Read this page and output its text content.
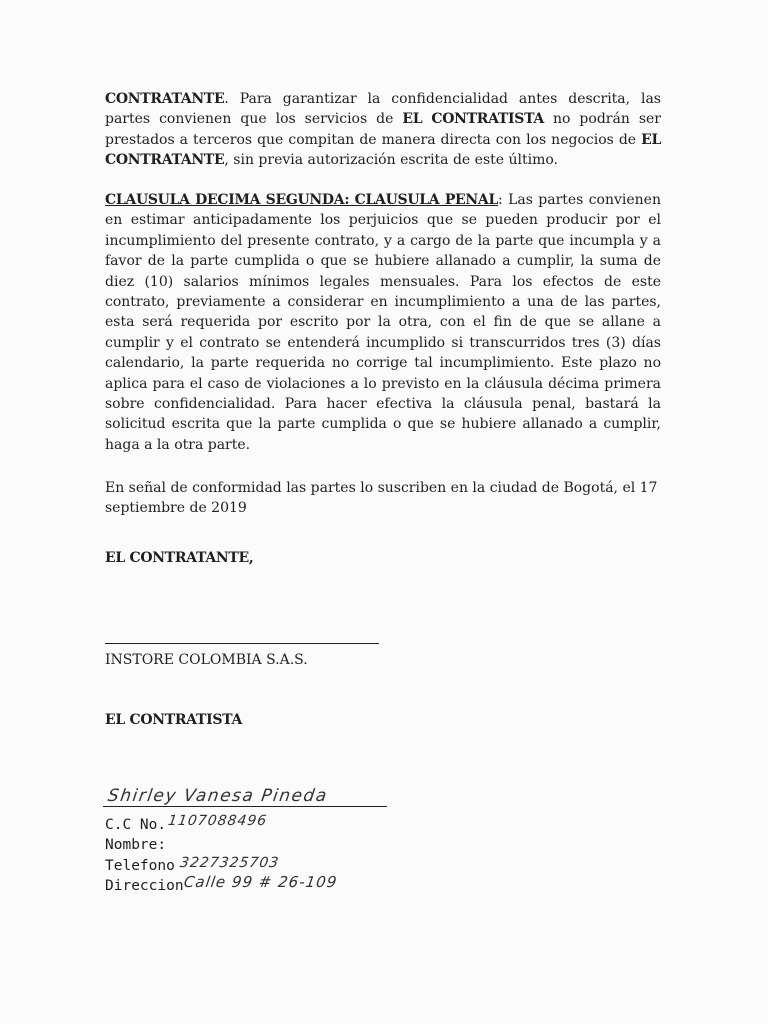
CONTRATANTE. Para garantizar la confidencialidad antes descrita, las partes convienen que los servicios de EL CONTRATISTA no podrán ser prestados a terceros que compitan de manera directa con los negocios de EL CONTRATANTE, sin previa autorización escrita de este último.
CLAUSULA DECIMA SEGUNDA: CLAUSULA PENAL: Las partes convienen en estimar anticipadamente los perjuicios que se pueden producir por el incumplimiento del presente contrato, y a cargo de la parte que incumpla y a favor de la parte cumplida o que se hubiere allanado a cumplir, la suma de diez (10) salarios mínimos legales mensuales. Para los efectos de este contrato, previamente a considerar en incumplimiento a una de las partes, esta será requerida por escrito por la otra, con el fin de que se allane a cumplir y el contrato se entenderá incumplido si transcurridos tres (3) días calendario, la parte requerida no corrige tal incumplimiento. Este plazo no aplica para el caso de violaciones a lo previsto en la cláusula décima primera sobre confidencialidad. Para hacer efectiva la cláusula penal, bastará la solicitud escrita que la parte cumplida o que se hubiere allanado a cumplir, haga a la otra parte.
En señal de conformidad las partes lo suscriben en la ciudad de Bogotá, el 17 septiembre de 2019
EL CONTRATANTE,
INSTORE COLOMBIA S.A.S.
EL CONTRATISTA
Shirley Vanesa Pineda
C.C No. 1107088496
Nombre:
Telefono 3227325703
Direccion Calle 99 # 26-109
